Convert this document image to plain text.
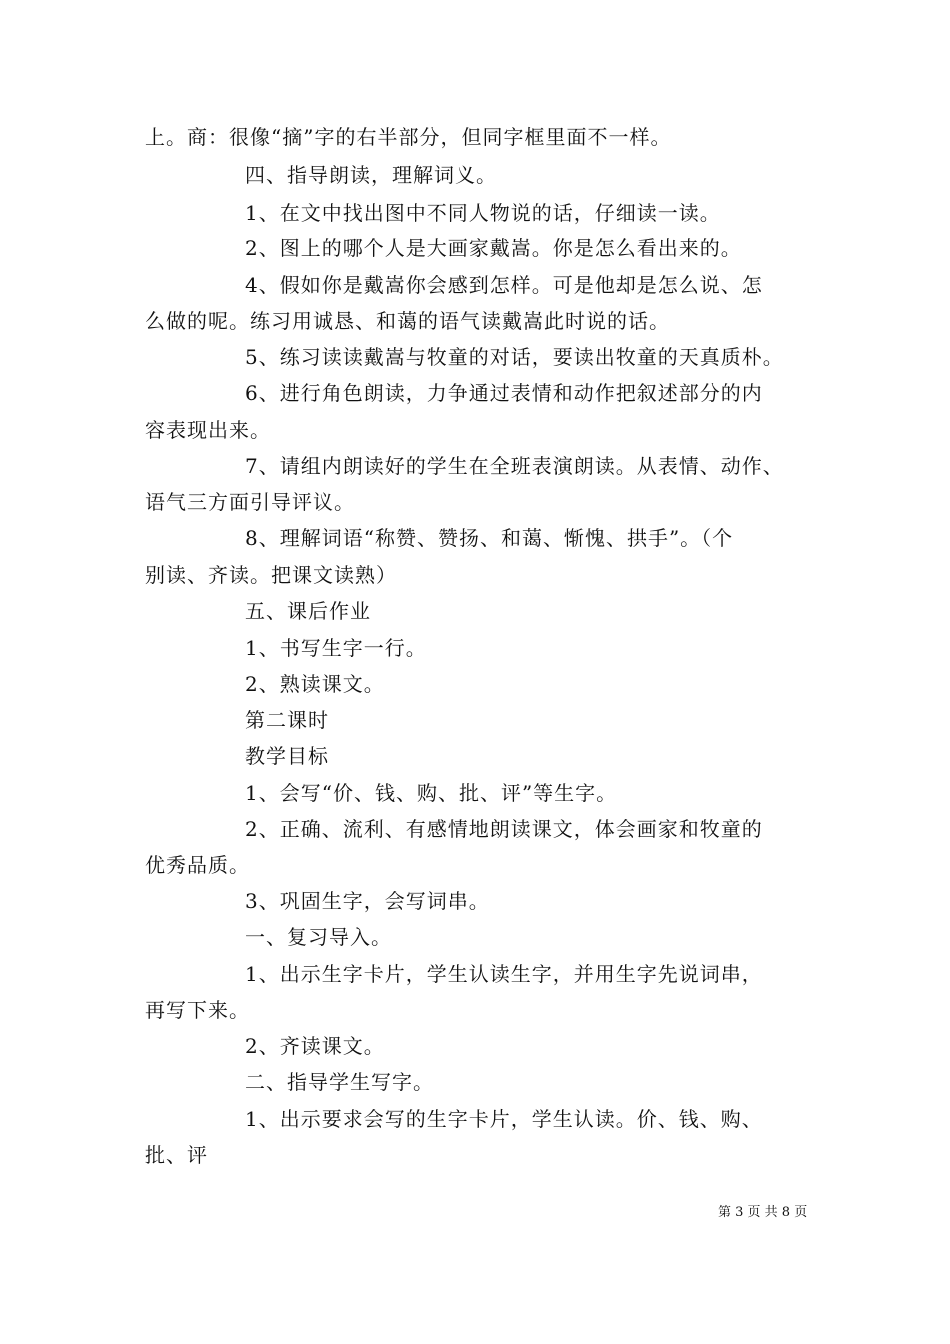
上。商：很像“摘”字的右半部分，但同字框里面不一样。
四、指导朗读，理解词义。
1、在文中找出图中不同人物说的话，仔细读一读。
2、图上的哪个人是大画家戴嵩。你是怎么看出来的。
4、假如你是戴嵩你会感到怎样。可是他却是怎么说、怎
么做的呢。练习用诚恳、和蔼的语气读戴嵩此时说的话。
5、练习读读戴嵩与牧童的对话，要读出牧童的天真质朴。
6、进行角色朗读，力争通过表情和动作把叙述部分的内
容表现出来。
7、请组内朗读好的学生在全班表演朗读。从表情、动作、
语气三方面引导评议。
8、理解词语“称赞、赞扬、和蔼、惭愧、拱手”。（个
别读、齐读。把课文读熟）
五、课后作业
1、书写生字一行。
2、熟读课文。
第二课时
教学目标
1、会写“价、钱、购、批、评”等生字。
2、正确、流利、有感情地朗读课文，体会画家和牧童的
优秀品质。
3、巩固生字，会写词串。
一、复习导入。
1、出示生字卡片，学生认读生字，并用生字先说词串，
再写下来。
2、齐读课文。
二、指导学生写字。
1、出示要求会写的生字卡片，学生认读。价、钱、购、
批、评
第 3 页 共 8 页
